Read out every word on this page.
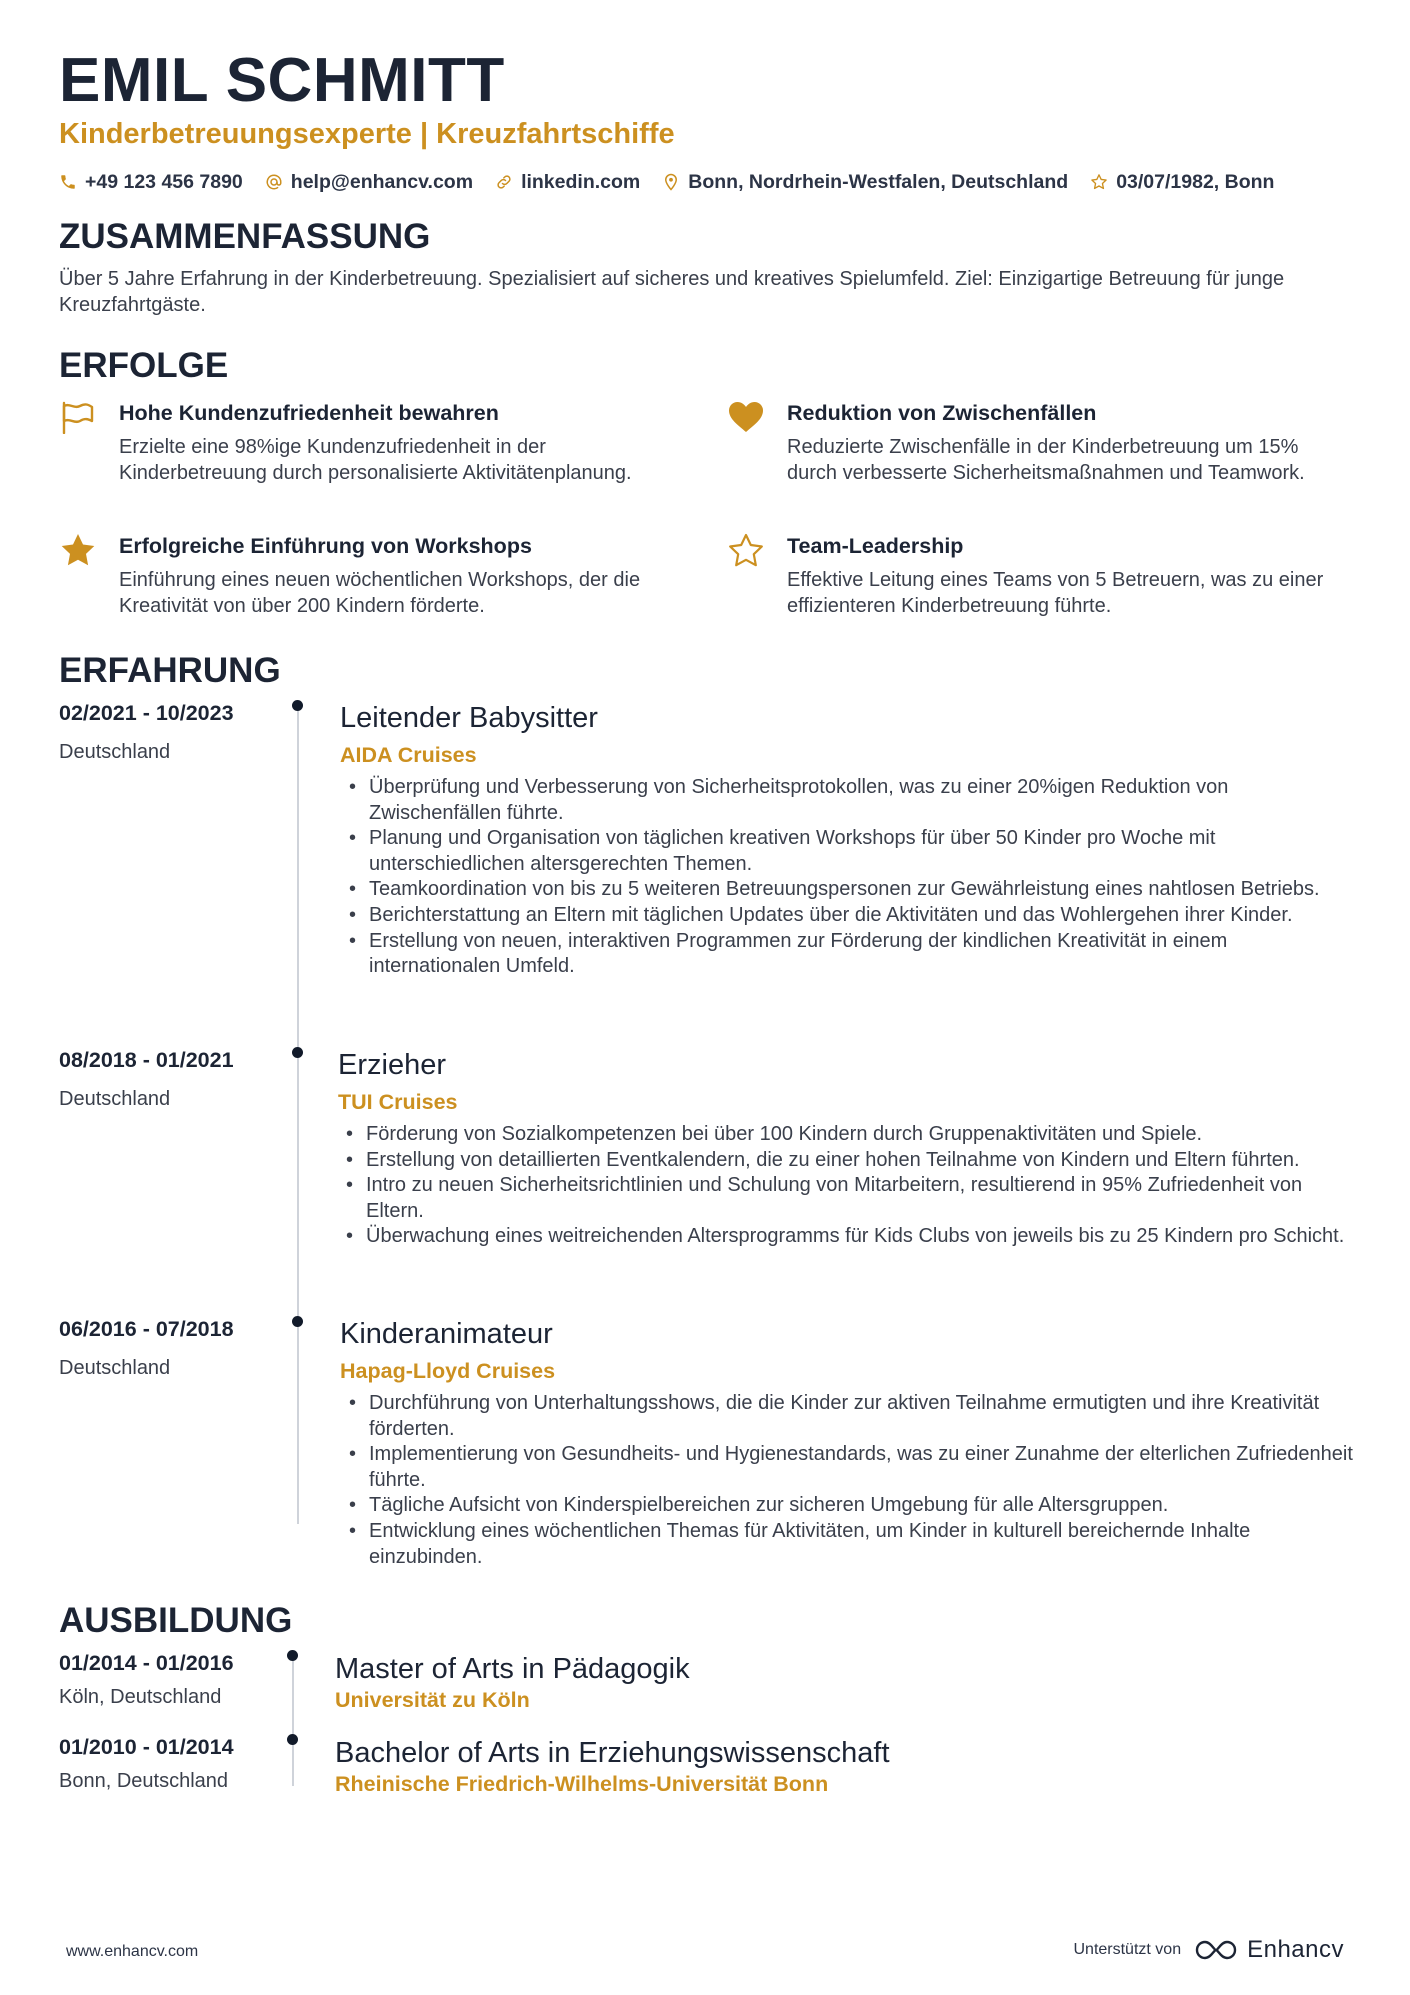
EMIL SCHMITT
Kinderbetreuungsexperte | Kreuzfahrtschiffe
+49 123 456 7890 help@enhancv.com linkedin.com Bonn, Nordrhein-Westfalen, Deutschland 03/07/1982, Bonn
ZUSAMMENFASSUNG
Über 5 Jahre Erfahrung in der Kinderbetreuung. Spezialisiert auf sicheres und kreatives Spielumfeld. Ziel: Einzigartige Betreuung für junge Kreuzfahrtgäste.
ERFOLGE
Hohe Kundenzufriedenheit bewahren
Erzielte eine 98%ige Kundenzufriedenheit in der Kinderbetreuung durch personalisierte Aktivitätenplanung.
Reduktion von Zwischenfällen
Reduzierte Zwischenfälle in der Kinderbetreuung um 15% durch verbesserte Sicherheitsmaßnahmen und Teamwork.
Erfolgreiche Einführung von Workshops
Einführung eines neuen wöchentlichen Workshops, der die Kreativität von über 200 Kindern förderte.
Team-Leadership
Effektive Leitung eines Teams von 5 Betreuern, was zu einer effizienteren Kinderbetreuung führte.
ERFAHRUNG
02/2021 - 10/2023
Deutschland
Leitender Babysitter
AIDA Cruises
• Überprüfung und Verbesserung von Sicherheitsprotokollen, was zu einer 20%igen Reduktion von Zwischenfällen führte.
• Planung und Organisation von täglichen kreativen Workshops für über 50 Kinder pro Woche mit unterschiedlichen altersgerechten Themen.
• Teamkoordination von bis zu 5 weiteren Betreuungspersonen zur Gewährleistung eines nahtlosen Betriebs.
• Berichterstattung an Eltern mit täglichen Updates über die Aktivitäten und das Wohlergehen ihrer Kinder.
• Erstellung von neuen, interaktiven Programmen zur Förderung der kindlichen Kreativität in einem internationalen Umfeld.
08/2018 - 01/2021
Deutschland
Erzieher
TUI Cruises
• Förderung von Sozialkompetenzen bei über 100 Kindern durch Gruppenaktivitäten und Spiele.
• Erstellung von detaillierten Eventkalendern, die zu einer hohen Teilnahme von Kindern und Eltern führten.
• Intro zu neuen Sicherheitsrichtlinien und Schulung von Mitarbeitern, resultierend in 95% Zufriedenheit von Eltern.
• Überwachung eines weitreichenden Altersprogramms für Kids Clubs von jeweils bis zu 25 Kindern pro Schicht.
06/2016 - 07/2018
Deutschland
Kinderanimateur
Hapag-Lloyd Cruises
• Durchführung von Unterhaltungsshows, die die Kinder zur aktiven Teilnahme ermutigten und ihre Kreativität förderten.
• Implementierung von Gesundheits- und Hygienestandards, was zu einer Zunahme der elterlichen Zufriedenheit führte.
• Tägliche Aufsicht von Kinderspielbereichen zur sicheren Umgebung für alle Altersgruppen.
• Entwicklung eines wöchentlichen Themas für Aktivitäten, um Kinder in kulturell bereichernde Inhalte einzubinden.
AUSBILDUNG
01/2014 - 01/2016
Köln, Deutschland
Master of Arts in Pädagogik
Universität zu Köln
01/2010 - 01/2014
Bonn, Deutschland
Bachelor of Arts in Erziehungswissenschaft
Rheinische Friedrich-Wilhelms-Universität Bonn
www.enhancv.com	Unterstützt von	Enhancv
